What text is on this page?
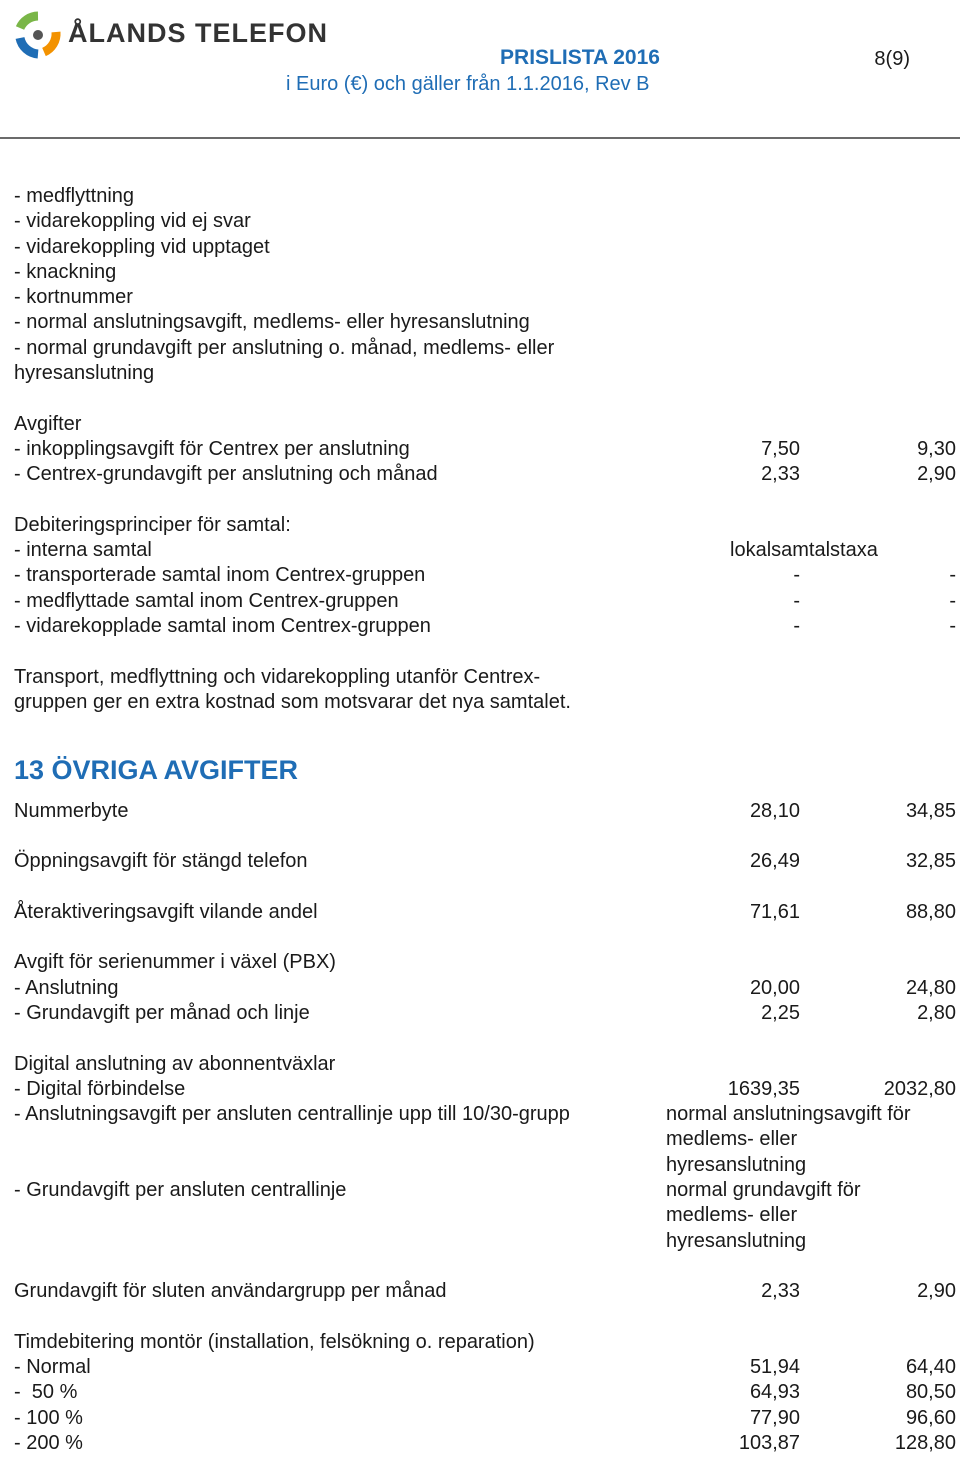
ÅLANDS TELEFON
PRISLISTA 2016
i Euro (€) och gäller från 1.1.2016, Rev B
8(9)
- medflyttning
- vidarekoppling vid ej svar
- vidarekoppling vid upptaget
- knackning
- kortnummer
- normal anslutningsavgift, medlems- eller hyresanslutning
- normal grundavgift per anslutning o. månad, medlems- eller
hyresanslutning
Avgifter
- inkopplingsavgift för Centrex per anslutning	7,50	9,30
- Centrex-grundavgift per anslutning och månad	2,33	2,90
Debiteringsprinciper för samtal:
- interna samtal	lokalsamtalstaxa
- transporterade samtal inom Centrex-gruppen	-	-
- medflyttade samtal inom Centrex-gruppen	-	-
- vidarekopplade samtal inom Centrex-gruppen	-	-
Transport, medflyttning och vidarekoppling utanför Centrex-
gruppen ger en extra kostnad som motsvarar det nya samtalet.
13 ÖVRIGA AVGIFTER
Nummerbyte	28,10	34,85
Öppningsavgift för stängd telefon	26,49	32,85
Återaktiveringsavgift vilande andel	71,61	88,80
Avgift för serienummer i växel (PBX)
- Anslutning	20,00	24,80
- Grundavgift per månad och linje	2,25	2,80
Digital anslutning av abonnentväxlar
- Digital förbindelse	1639,35	2032,80
- Anslutningsavgift per ansluten centrallinje upp till 10/30-grupp	normal anslutningsavgift för
medlems- eller
hyresanslutning
- Grundavgift per ansluten centrallinje	normal grundavgift för
medlems- eller
hyresanslutning
Grundavgift för sluten användargrupp per månad	2,33	2,90
Timdebitering montör (installation, felsökning o. reparation)
- Normal	51,94	64,40
-  50 %	64,93	80,50
- 100 %	77,90	96,60
- 200 %	103,87	128,80
